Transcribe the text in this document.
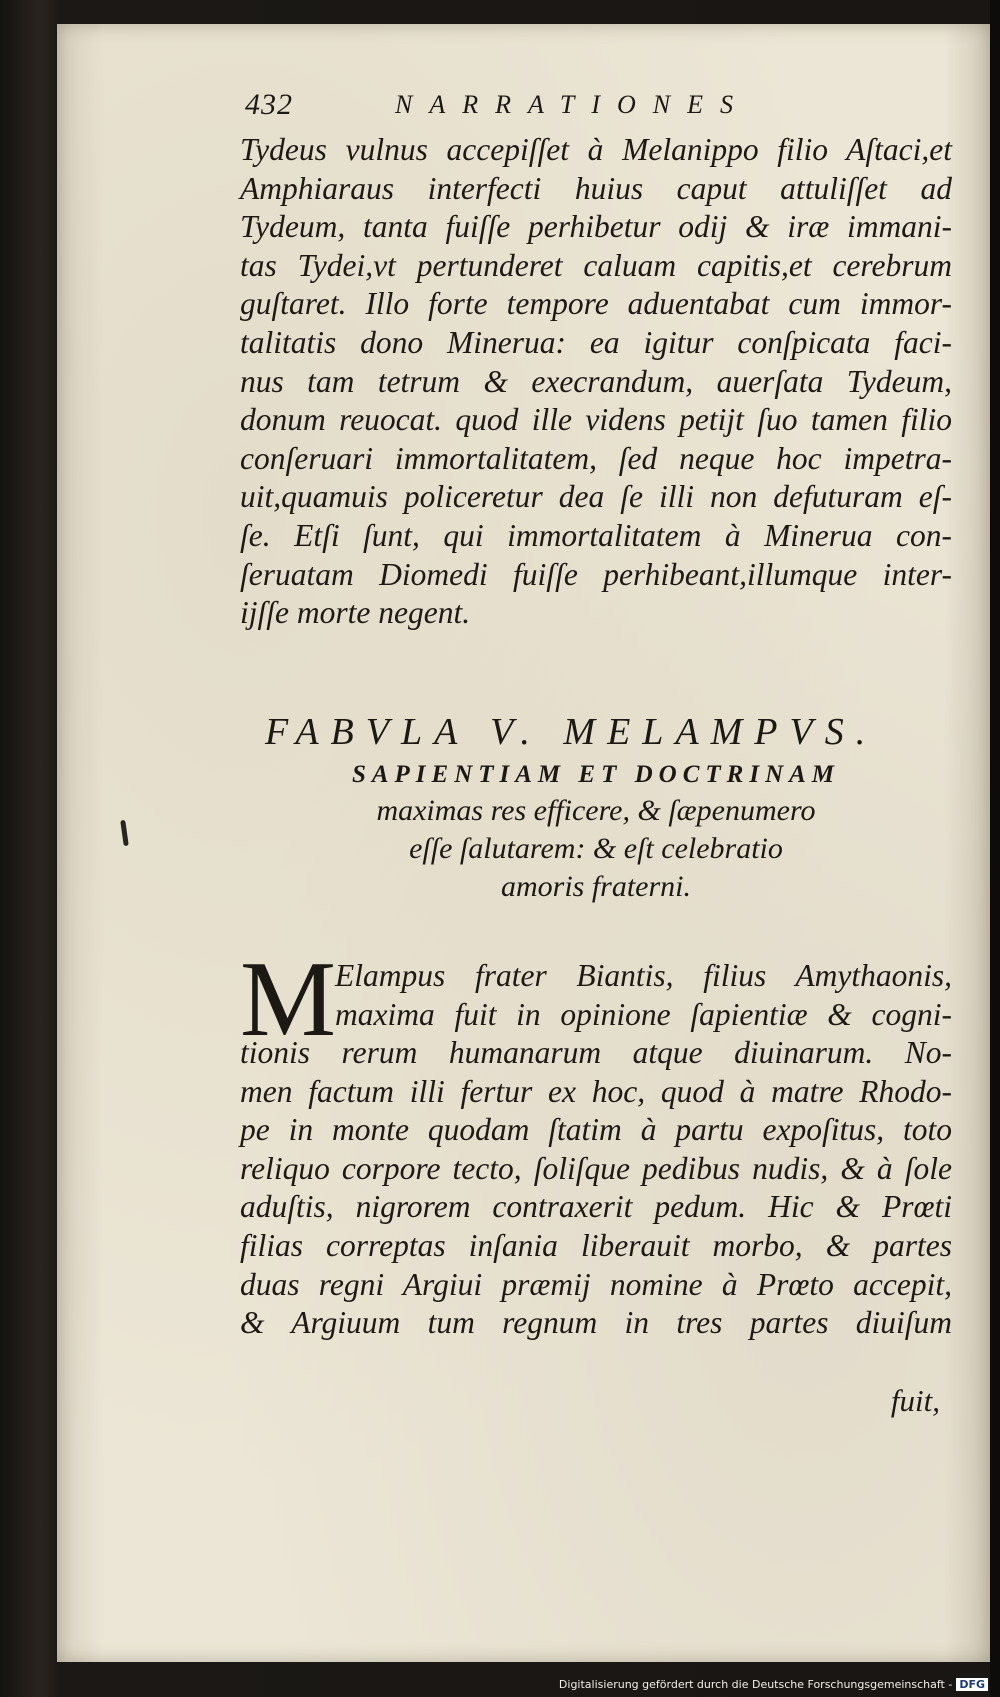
432	NARRATIONES
Tydeus vulnus accepiſſet à Melanippo filio Aſtaci,et
Amphiaraus interfecti huius caput attuliſſet ad
Tydeum, tanta fuiſſe perhibetur odij & iræ immani-
tas Tydei,vt pertunderet caluam capitis,et cerebrum
guſtaret. Illo forte tempore aduentabat cum immor-
talitatis dono Minerua: ea igitur conſpicata faci-
nus tam tetrum & execrandum, auerſata Tydeum,
donum reuocat. quod ille videns petijt ſuo tamen filio
conſeruari immortalitatem, ſed neque hoc impetra-
uit,quamuis policeretur dea ſe illi non defuturam eſ-
ſe. Etſi ſunt, qui immortalitatem à Minerua con-
ſeruatam Diomedi fuiſſe perhibeant,illumque inter-
ijſſe morte negent.
FABVLA V. MELAMPVS.
SAPIENTIAM ET DOCTRINAM
maximas res efficere, & ſæpenumero
eſſe ſalutarem: & eſt celebratio
amoris fraterni.
M
Elampus frater Biantis, filius Amythaonis,
maxima fuit in opinione ſapientiæ & cogni-
tionis rerum humanarum atque diuinarum. No-
men factum illi fertur ex hoc, quod à matre Rhodo-
pe in monte quodam ſtatim à partu expoſitus, toto
reliquo corpore tecto, ſoliſque pedibus nudis, & à ſole
aduſtis, nigrorem contraxerit pedum. Hic & Prœti
filias correptas inſania liberauit morbo, & partes
duas regni Argiui præmij nomine à Prœto accepit,
& Argiuum tum regnum in tres partes diuiſum
fuit,
Digitalisierung gefördert durch die Deutsche Forschungsgemeinschaft - DFG
